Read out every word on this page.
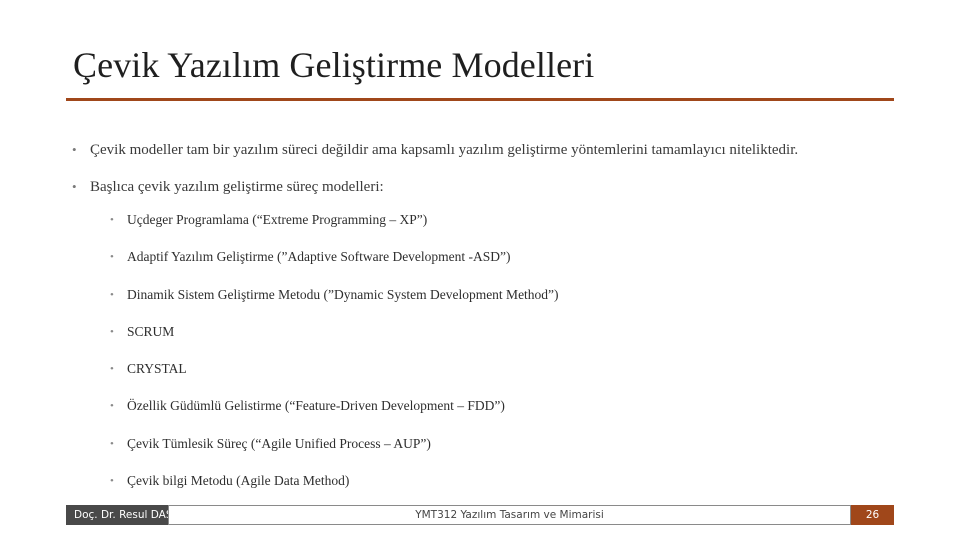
Çevik Yazılım Geliştirme Modelleri
• Çevik modeller tam bir yazılım süreci değildir ama kapsamlı yazılım geliştirme yöntemlerini tamamlayıcı niteliktedir.
• Başlıca çevik yazılım geliştirme süreç modelleri:
• Uçdeger Programlama (“Extreme Programming – XP”)
• Adaptif Yazılım Geliştirme (”Adaptive Software Development -ASD”)
• Dinamik Sistem Geliştirme Metodu (”Dynamic System Development Method”)
• SCRUM
• CRYSTAL
• Özellik Güdümlü Gelistirme (“Feature-Driven Development – FDD”)
• Çevik Tümlesik Süreç (“Agile Unified Process – AUP”)
• Çevik bilgi Metodu (Agile Data Method)
Doç. Dr. Resul DAŞ	YMT312 Yazılım Tasarım ve Mimarisi	26
